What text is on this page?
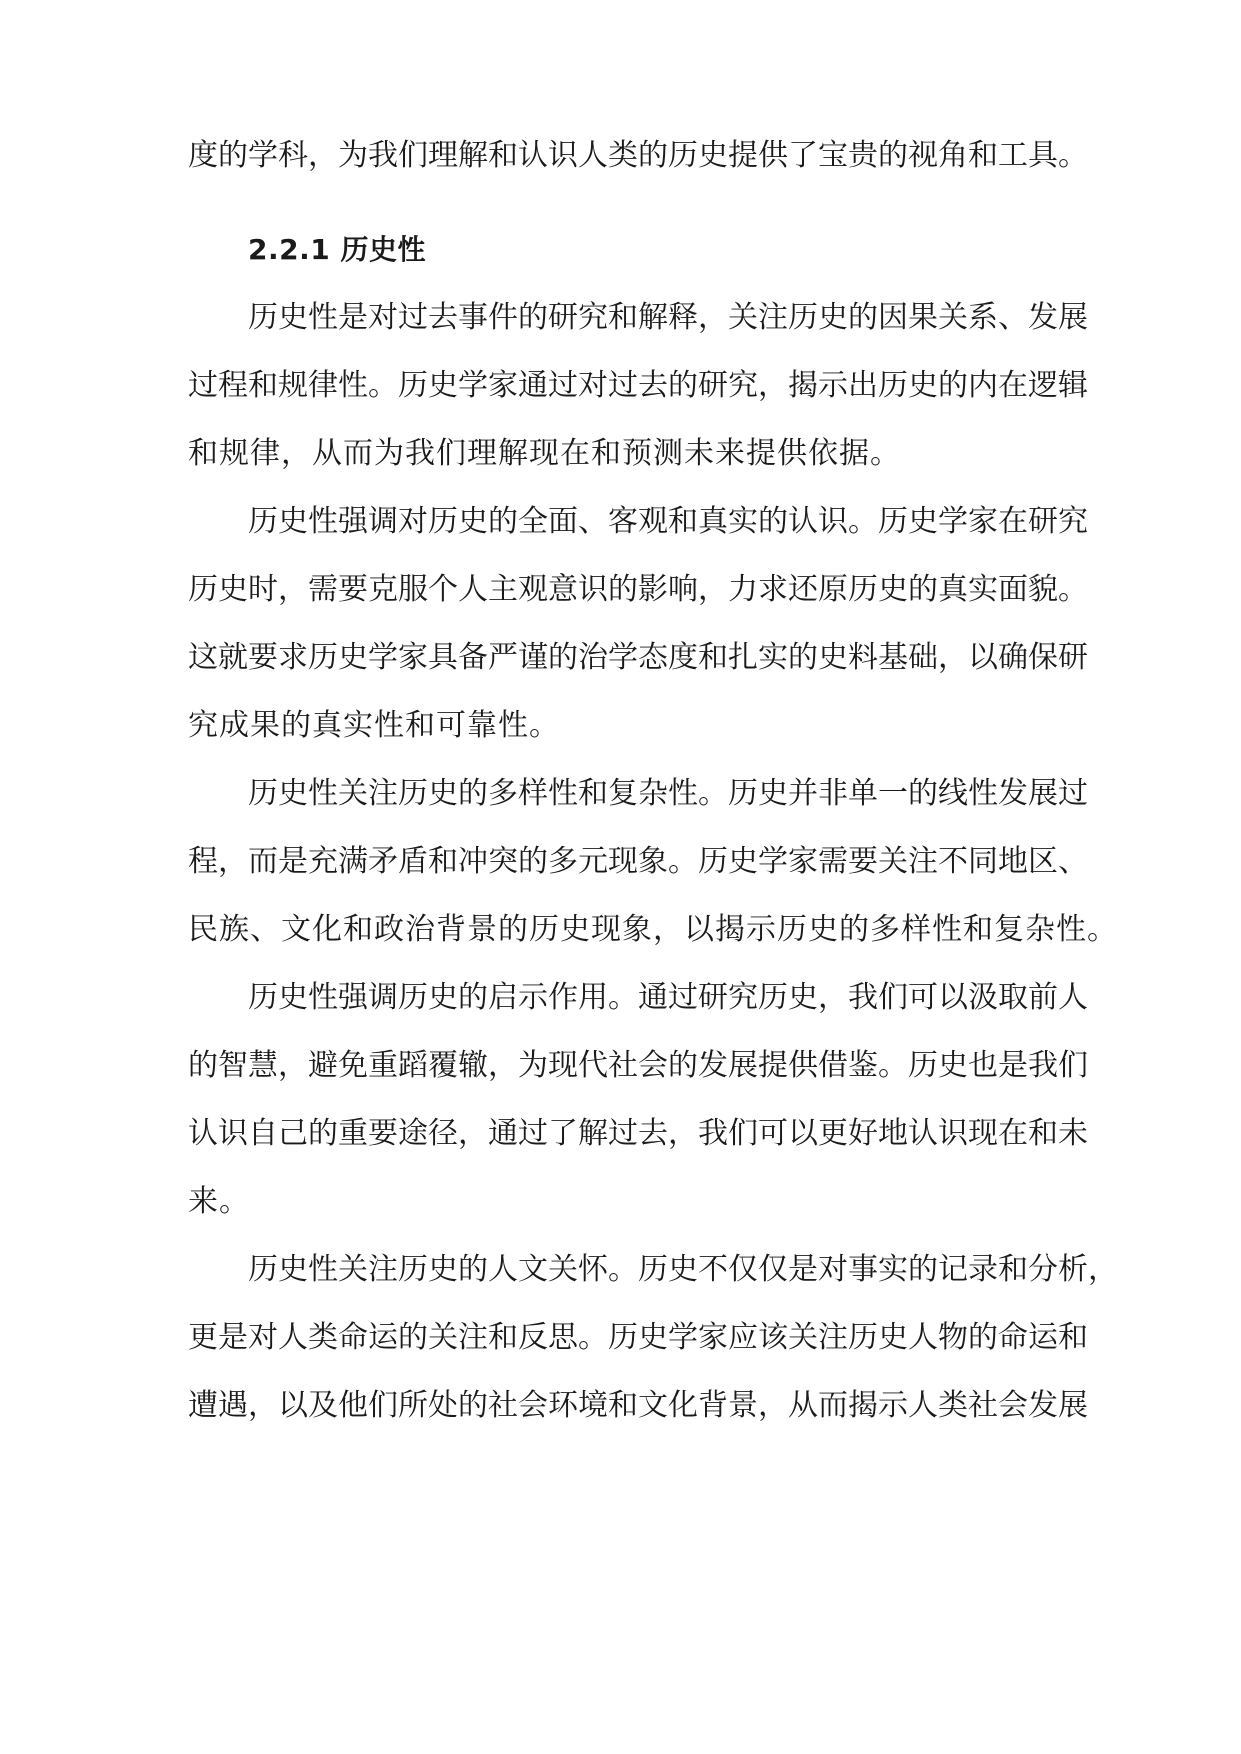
度的学科，为我们理解和认识人类的历史提供了宝贵的视角和工具。
2.2.1 历史性
历史性是对过去事件的研究和解释，关注历史的因果关系、发展
过程和规律性。历史学家通过对过去的研究，揭示出历史的内在逻辑
和规律，从而为我们理解现在和预测未来提供依据。
历史性强调对历史的全面、客观和真实的认识。历史学家在研究
历史时，需要克服个人主观意识的影响，力求还原历史的真实面貌。
这就要求历史学家具备严谨的治学态度和扎实的史料基础，以确保研
究成果的真实性和可靠性。
历史性关注历史的多样性和复杂性。历史并非单一的线性发展过
程，而是充满矛盾和冲突的多元现象。历史学家需要关注不同地区、
民族、文化和政治背景的历史现象，以揭示历史的多样性和复杂性。
历史性强调历史的启示作用。通过研究历史，我们可以汲取前人
的智慧，避免重蹈覆辙，为现代社会的发展提供借鉴。历史也是我们
认识自己的重要途径，通过了解过去，我们可以更好地认识现在和未
来。
历史性关注历史的人文关怀。历史不仅仅是对事实的记录和分析，
更是对人类命运的关注和反思。历史学家应该关注历史人物的命运和
遭遇，以及他们所处的社会环境和文化背景，从而揭示人类社会发展
